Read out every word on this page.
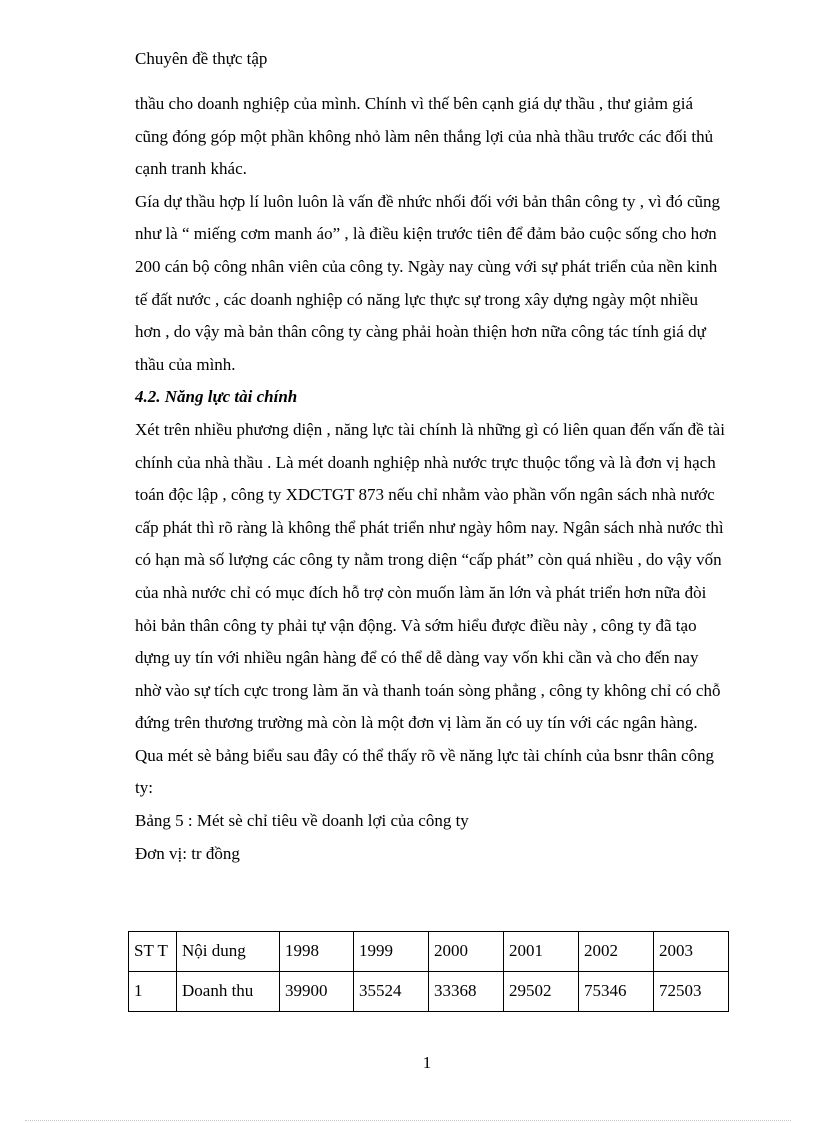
Chuyên đề thực tập

thầu cho doanh nghiệp của mình. Chính vì thế bên cạnh giá dự thầu , thư giảm giá cũng đóng góp một phần không nhỏ làm nên thắng lợi của nhà thầu trước các đối thủ cạnh tranh khác.

Gía dự thầu hợp lí luôn luôn là vấn đề nhức nhối đối với bản thân công ty , vì đó cũng như là “ miếng cơm manh áo” , là điều kiện trước tiên để đảm bảo cuộc sống cho hơn 200 cán bộ công nhân viên của công ty. Ngày nay cùng với sự phát triển của nền kinh tế đất nước , các doanh nghiệp có năng lực thực sự trong xây dựng ngày một nhiều hơn , do vậy mà bản thân công ty càng phải hoàn thiện hơn nữa công tác tính giá dự thầu của mình.

4.2. Năng lực tài chính

Xét trên nhiều phương diện , năng lực tài chính là những gì có liên quan đến vấn đề tài chính của nhà thầu . Là mét doanh nghiệp nhà nước trực thuộc tổng và là đơn vị hạch toán độc lập , công ty XDCTGT 873 nếu chỉ nhằm vào phần vốn ngân sách nhà nước cấp phát thì rõ ràng là không thể phát triển như ngày hôm nay. Ngân sách nhà nước thì có hạn mà số lượng các công ty nằm trong diện “cấp phát” còn quá nhiều , do vậy vốn của nhà nước chỉ có mục đích hỗ trợ còn muốn làm ăn lớn và phát triển hơn nữa đòi hỏi bản thân công ty phải tự vận động. Và sớm hiểu được điều này , công ty đã tạo dựng uy tín với nhiều ngân hàng để có thể dễ dàng vay vốn khi cần và cho đến nay nhờ vào sự tích cực trong làm ăn và thanh toán sòng phẳng , công ty không chỉ có chỗ đứng trên thương trường mà còn là một đơn vị làm ăn có uy tín với các ngân hàng.

Qua mét sè bảng biểu sau đây có thể thấy rõ về năng lực tài chính của bsnr thân công ty:

Bảng 5 : Mét sè chỉ tiêu về doanh lợi của công ty

Đơn vị: tr đồng

ST T	Nội dung	1998	1999	2000	2001	2002	2003
1	Doanh thu	39900	35524	33368	29502	75346	72503
1
